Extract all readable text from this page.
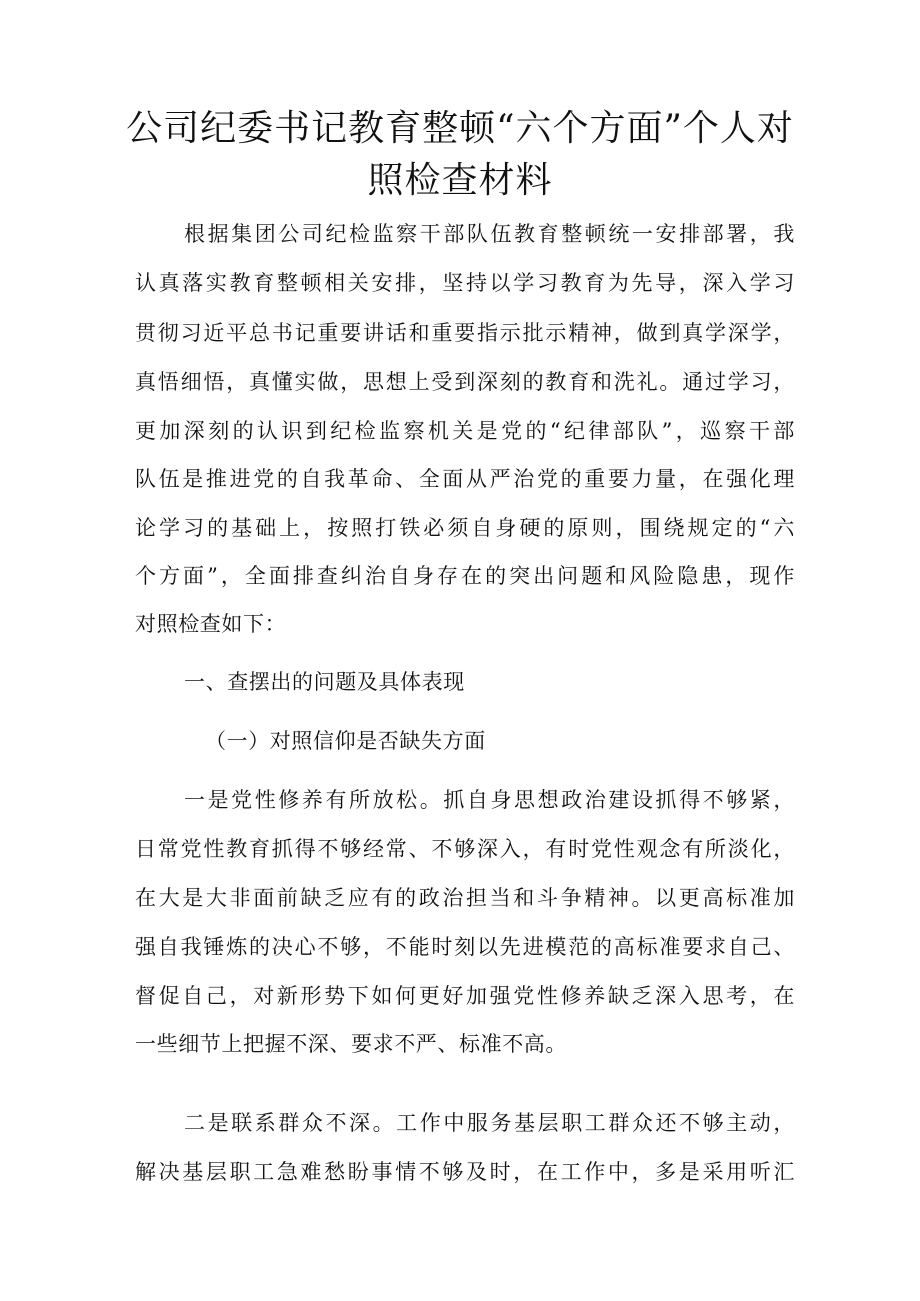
公司纪委书记教育整顿“六个方面”个人对
照检查材料

根据集团公司纪检监察干部队伍教育整顿统一安排部署，我

认真落实教育整顿相关安排，坚持以学习教育为先导，深入学习

贯彻习近平总书记重要讲话和重要指示批示精神，做到真学深学，

真悟细悟，真懂实做，思想上受到深刻的教育和洗礼。通过学习，

更加深刻的认识到纪检监察机关是党的“纪律部队”，巡察干部

队伍是推进党的自我革命、全面从严治党的重要力量，在强化理

论学习的基础上，按照打铁必须自身硬的原则，围绕规定的“六

个方面”，全面排查纠治自身存在的突出问题和风险隐患，现作

对照检查如下：

一、查摆出的问题及具体表现

（一）对照信仰是否缺失方面

一是党性修养有所放松。抓自身思想政治建设抓得不够紧，

日常党性教育抓得不够经常、不够深入，有时党性观念有所淡化，

在大是大非面前缺乏应有的政治担当和斗争精神。以更高标准加

强自我锤炼的决心不够，不能时刻以先进模范的高标准要求自己、

督促自己，对新形势下如何更好加强党性修养缺乏深入思考，在

一些细节上把握不深、要求不严、标准不高。

二是联系群众不深。工作中服务基层职工群众还不够主动，

解决基层职工急难愁盼事情不够及时，在工作中，多是采用听汇
